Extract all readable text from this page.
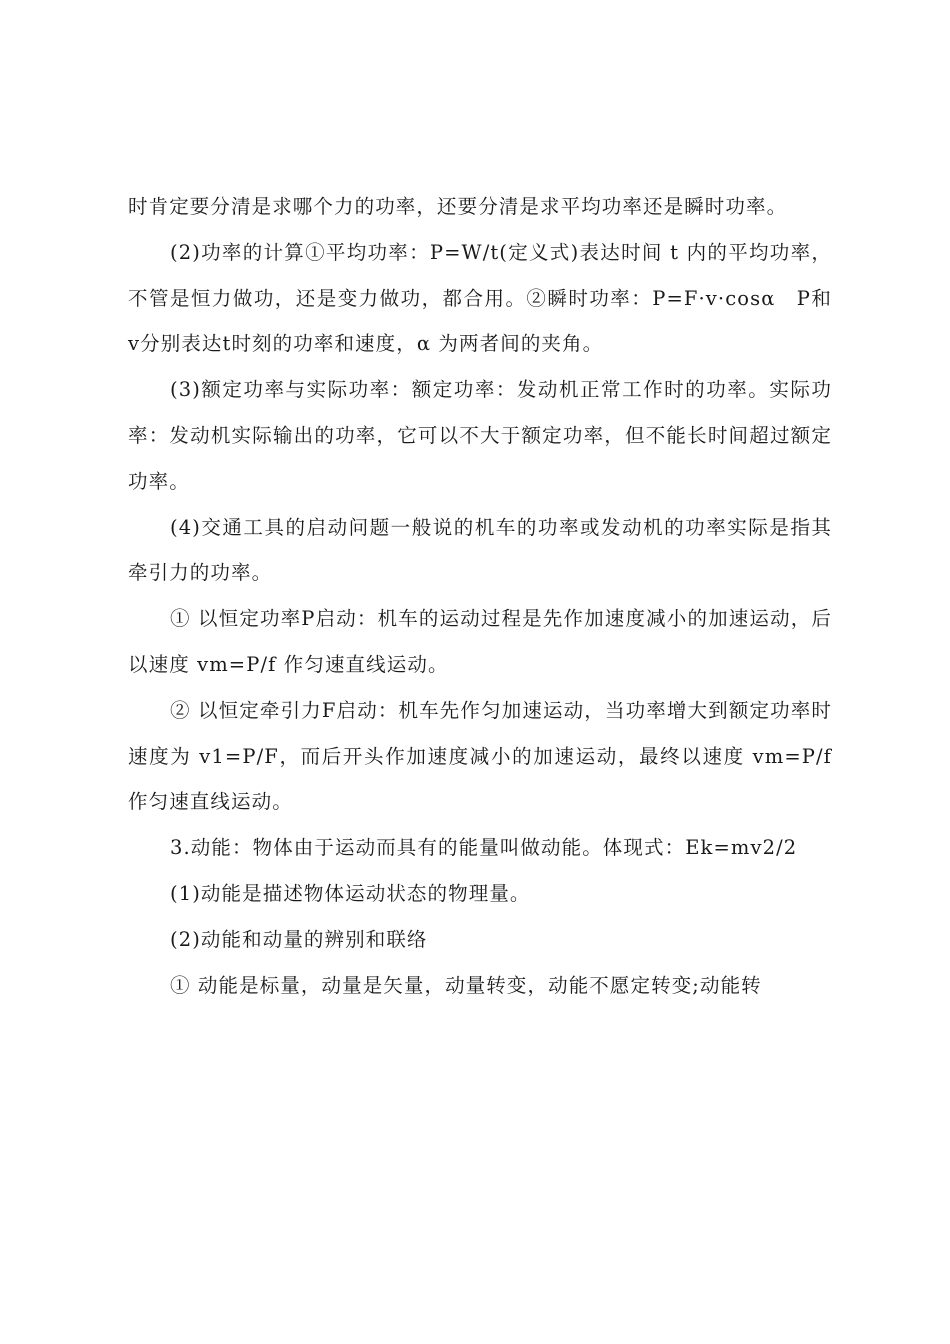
时肯定要分清是求哪个力的功率，还要分清是求平均功率还是瞬时功率。

(2)功率的计算①平均功率：P=W/t(定义式)表达时间 t 内的平均功率，不管是恒力做功，还是变力做功，都合用。②瞬时功率：P=F·v·cosα　P和v分别表达t时刻的功率和速度，α 为两者间的夹角。

(3)额定功率与实际功率：额定功率：发动机正常工作时的功率。实际功率：发动机实际输出的功率，它可以不大于额定功率，但不能长时间超过额定功率。

(4)交通工具的启动问题一般说的机车的功率或发动机的功率实际是指其牵引力的功率。

① 以恒定功率P启动：机车的运动过程是先作加速度减小的加速运动，后以速度 vm=P/f 作匀速直线运动。

② 以恒定牵引力F启动：机车先作匀加速运动，当功率增大到额定功率时速度为 v1=P/F，而后开头作加速度减小的加速运动，最终以速度 vm=P/f 作匀速直线运动。

3.动能：物体由于运动而具有的能量叫做动能。体现式：Ek=mv2/2

(1)动能是描述物体运动状态的物理量。

(2)动能和动量的辨别和联络

① 动能是标量，动量是矢量，动量转变，动能不愿定转变;动能转
